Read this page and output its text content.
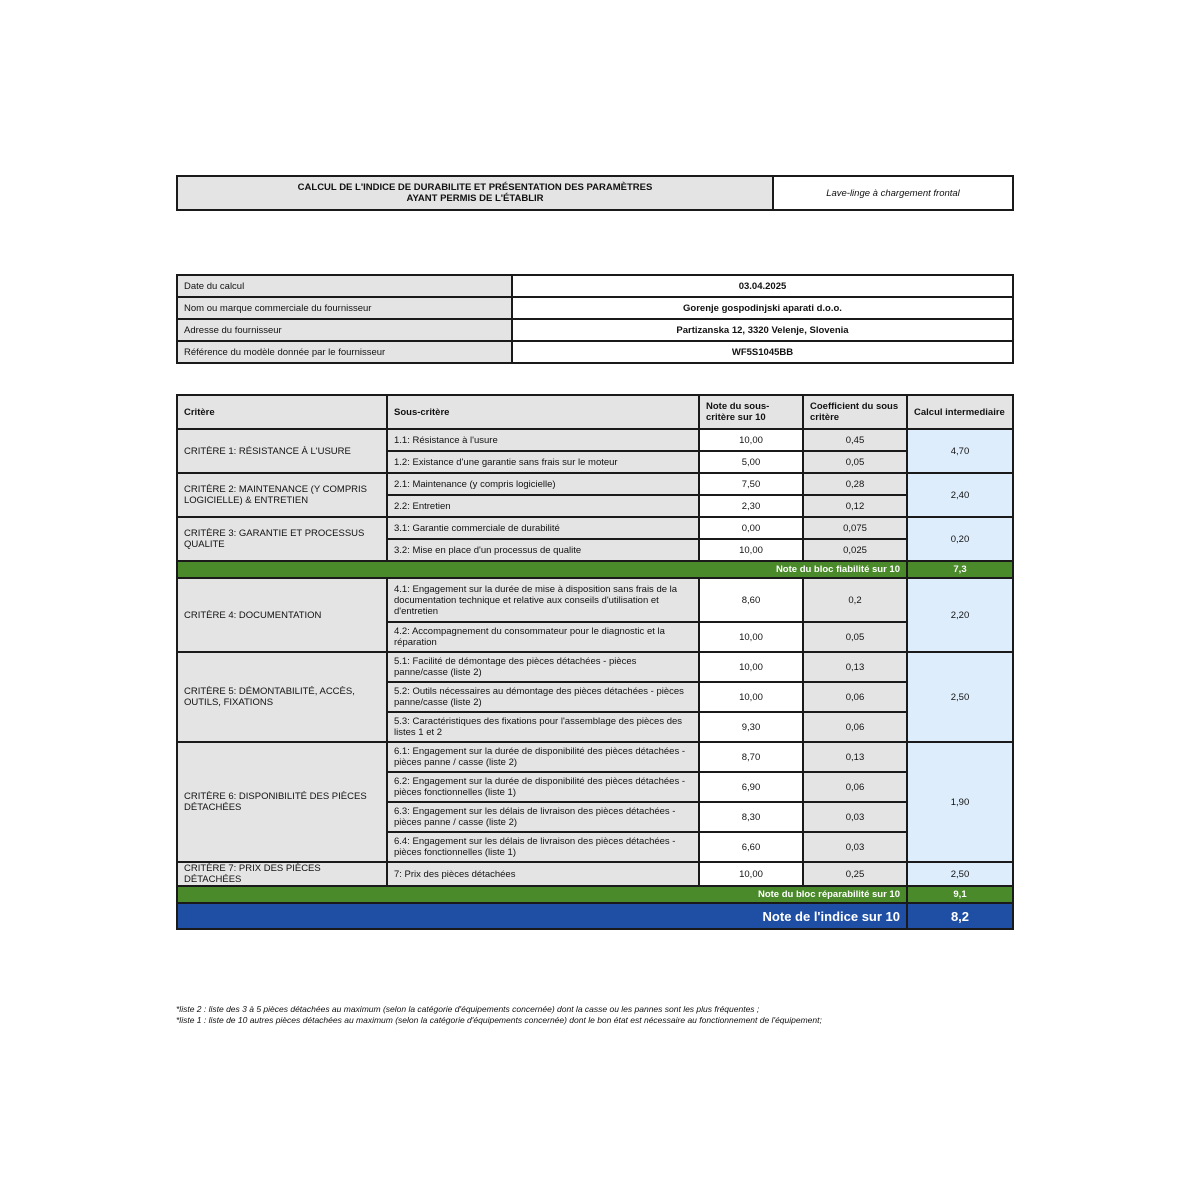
CALCUL DE L'INDICE DE DURABILITE ET PRÉSENTATION DES PARAMÈTRES
AYANT PERMIS DE L'ÉTABLIR	Lave-linge à chargement frontal
Date du calcul	03.04.2025
Nom ou marque commerciale du fournisseur	Gorenje gospodinjski aparati d.o.o.
Adresse du fournisseur	Partizanska 12, 3320 Velenje, Slovenia
Référence du modèle donnée par le fournisseur	WF5S1045BB
Critère	Sous-critère	Note du sous-critère sur 10	Coefficient du sous critère	Calcul intermediaire
CRITÈRE 1: RÉSISTANCE À L'USURE	1.1: Résistance à l'usure	10,00	0,45	4,70
	1.2: Existance d'une garantie sans frais sur le moteur	5,00	0,05	
CRITÈRE 2: MAINTENANCE (Y COMPRIS LOGICIELLE) & ENTRETIEN	2.1: Maintenance (y compris logicielle)	7,50	0,28	2,40
	2.2: Entretien	2,30	0,12	
CRITÈRE 3: GARANTIE ET PROCESSUS QUALITE	3.1: Garantie commerciale de durabilité	0,00	0,075	0,20
	3.2: Mise en place d'un processus de qualite	10,00	0,025	
Note du bloc fiabilité sur 10				7,3
CRITÈRE 4: DOCUMENTATION	4.1: Engagement sur la durée de mise à disposition sans frais de la documentation technique et relative aux conseils d'utilisation et d'entretien	8,60	0,2	2,20
	4.2: Accompagnement du consommateur pour le diagnostic et la réparation	10,00	0,05	
CRITÈRE 5: DÉMONTABILITÉ, ACCÈS, OUTILS, FIXATIONS	5.1: Facilité de démontage des pièces détachées - pièces panne/casse (liste 2)	10,00	0,13	2,50
	5.2: Outils nécessaires au démontage des pièces détachées - pièces panne/casse (liste 2)	10,00	0,06	
	5.3: Caractéristiques des fixations pour l'assemblage des pièces des listes 1 et 2	9,30	0,06	
CRITÈRE 6: DISPONIBILITÉ DES PIÈCES DÉTACHÉES	6.1: Engagement sur la durée de disponibilité des pièces détachées - pièces panne / casse (liste 2)	8,70	0,13	1,90
	6.2: Engagement sur la durée de disponibilité des pièces détachées - pièces fonctionnelles (liste 1)	6,90	0,06	
	6.3: Engagement sur les délais de livraison des pièces détachées - pièces panne / casse (liste 2)	8,30	0,03	
	6.4: Engagement sur les délais de livraison des pièces détachées - pièces fonctionnelles (liste 1)	6,60	0,03	
CRITÈRE 7: PRIX DES PIÈCES DÉTACHÉES	7: Prix des pièces détachées	10,00	0,25	2,50
Note du bloc réparabilité sur 10				9,1
Note de l'indice sur 10				8,2
*liste 2 : liste des 3 à 5 pièces détachées au maximum (selon la catégorie d'équipements concernée) dont la casse ou les pannes sont les plus fréquentes ;
*liste 1 : liste de 10 autres pièces détachées au maximum (selon la catégorie d'équipements concernée) dont le bon état est nécessaire au fonctionnement de l'équipement;
